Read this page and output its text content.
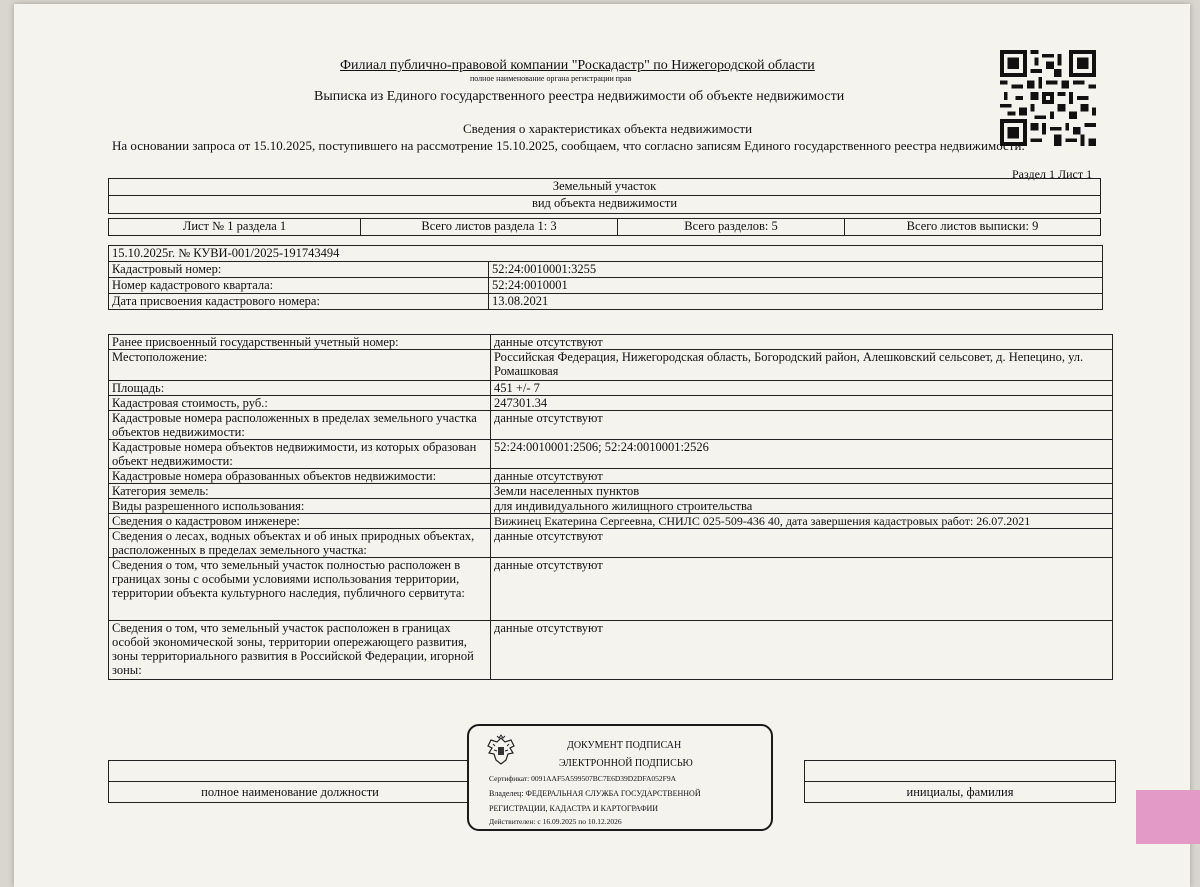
Филиал публично-правовой компании "Роскадастр" по Нижегородской области
полное наименование органа регистрации прав
Выписка из Единого государственного реестра недвижимости об объекте недвижимости
Сведения о характеристиках объекта недвижимости
На основании запроса от 15.10.2025, поступившего на рассмотрение 15.10.2025, сообщаем, что согласно записям Единого государственного реестра недвижимости:
Раздел 1 Лист 1
Земельный участок
вид объекта недвижимости
Лист № 1 раздела 1	Всего листов раздела 1: 3	Всего разделов: 5	Всего листов выписки: 9
15.10.2025г. № КУВИ-001/2025-191743494	
Кадастровый номер:	52:24:0010001:3255
Номер кадастрового квартала:	52:24:0010001
Дата присвоения кадастрового номера:	13.08.2021
Ранее присвоенный государственный учетный номер:	данные отсутствуют
Местоположение:	Российская Федерация, Нижегородская область, Богородский район, Алешковский сельсовет, д. Непецино, ул. Ромашковая
Площадь:	451 +/- 7
Кадастровая стоимость, руб.:	247301.34
Кадастровые номера расположенных в пределах земельного участка объектов недвижимости:	данные отсутствуют
Кадастровые номера объектов недвижимости, из которых образован объект недвижимости:	52:24:0010001:2506; 52:24:0010001:2526
Кадастровые номера образованных объектов недвижимости:	данные отсутствуют
Категория земель:	Земли населенных пунктов
Виды разрешенного использования:	для индивидуального жилищного строительства
Сведения о кадастровом инженере:	Вижинец Екатерина Сергеевна, СНИЛС 025-509-436 40, дата завершения кадастровых работ: 26.07.2021
Сведения о лесах, водных объектах и об иных природных объектах, расположенных в пределах земельного участка:	данные отсутствуют
Сведения о том, что земельный участок полностью расположен в границах зоны с особыми условиями использования территории, территории объекта культурного наследия, публичного сервитута:	данные отсутствуют
Сведения о том, что земельный участок расположен в границах особой экономической зоны, территории опережающего развития, зоны территориального развития в Российской Федерации, игорной зоны:	данные отсутствуют

полное наименование должности		инициалы, фамилия
ДОКУМЕНТ ПОДПИСАН
ЭЛЕКТРОННОЙ ПОДПИСЬЮ
Сертификат: 0091AAF5A599507BC7E6D39D2DFA052F9A
Владелец: ФЕДЕРАЛЬНАЯ СЛУЖБА ГОСУДАРСТВЕННОЙ
РЕГИСТРАЦИИ, КАДАСТРА И КАРТОГРАФИИ
Действителен: с 16.09.2025 по 10.12.2026
